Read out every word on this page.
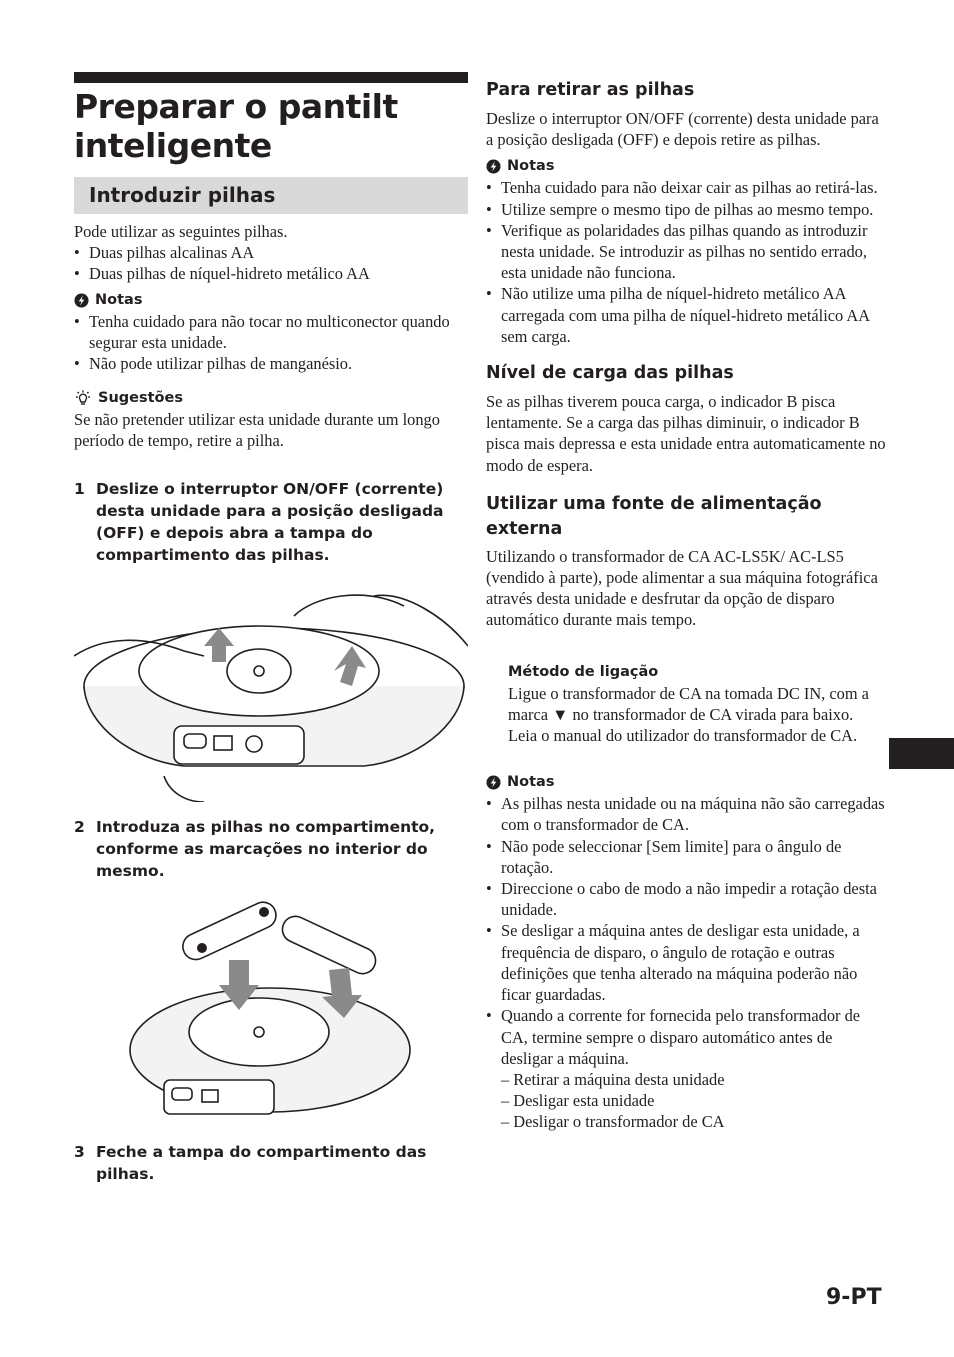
Preparar o pantilt inteligente
Introduzir pilhas

Pode utilizar as seguintes pilhas.

• Duas pilhas alcalinas AA
• Duas pilhas de níquel-hidreto metálico AA
Notas
• Tenha cuidado para não tocar no multiconector quando segurar esta unidade.
• Não pode utilizar pilhas de manganésio.
Sugestões

Se não pretender utilizar esta unidade durante um longo período de tempo, retire a pilha.

1 Deslize o interruptor ON/OFF (corrente) desta unidade para a posição desligada (OFF) e depois abra a tampa do compartimento das pilhas.
2 Introduza as pilhas no compartimento, conforme as marcações no interior do mesmo.
3 Feche a tampa do compartimento das pilhas.
Para retirar as pilhas

Deslize o interruptor ON/OFF (corrente) desta unidade para a posição desligada (OFF) e depois retire as pilhas.

Notas
• Tenha cuidado para não deixar cair as pilhas ao retirá-las.
• Utilize sempre o mesmo tipo de pilhas ao mesmo tempo.
• Verifique as polaridades das pilhas quando as introduzir nesta unidade. Se introduzir as pilhas no sentido errado, esta unidade não funciona.
• Não utilize uma pilha de níquel-hidreto metálico AA carregada com uma pilha de níquel-hidreto metálico AA sem carga.
Nível de carga das pilhas

Se as pilhas tiverem pouca carga, o indicador B pisca lentamente. Se a carga das pilhas diminuir, o indicador B pisca mais depressa e esta unidade entra automaticamente no modo de espera.

Utilizar uma fonte de alimentação externa

Utilizando o transformador de CA AC-LS5K/ AC-LS5 (vendido à parte), pode alimentar a sua máquina fotográfica através desta unidade e desfrutar da opção de disparo automático durante mais tempo.

Método de ligação

Ligue o transformador de CA na tomada DC IN, com a marca ▼ no transformador de CA virada para baixo.

Leia o manual do utilizador do transformador de CA.

Notas
• As pilhas nesta unidade ou na máquina não são carregadas com o transformador de CA.
• Não pode seleccionar [Sem limite] para o ângulo de rotação.
• Direccione o cabo de modo a não impedir a rotação desta unidade.
• Se desligar a máquina antes de desligar esta unidade, a frequência de disparo, o ângulo de rotação e outras definições que tenha alterado na máquina poderão não ficar guardadas.
• Quando a corrente for fornecida pelo transformador de CA, termine sempre o disparo automático antes de desligar a máquina.
– Retirar a máquina desta unidade
– Desligar esta unidade
– Desligar o transformador de CA
9-PT
